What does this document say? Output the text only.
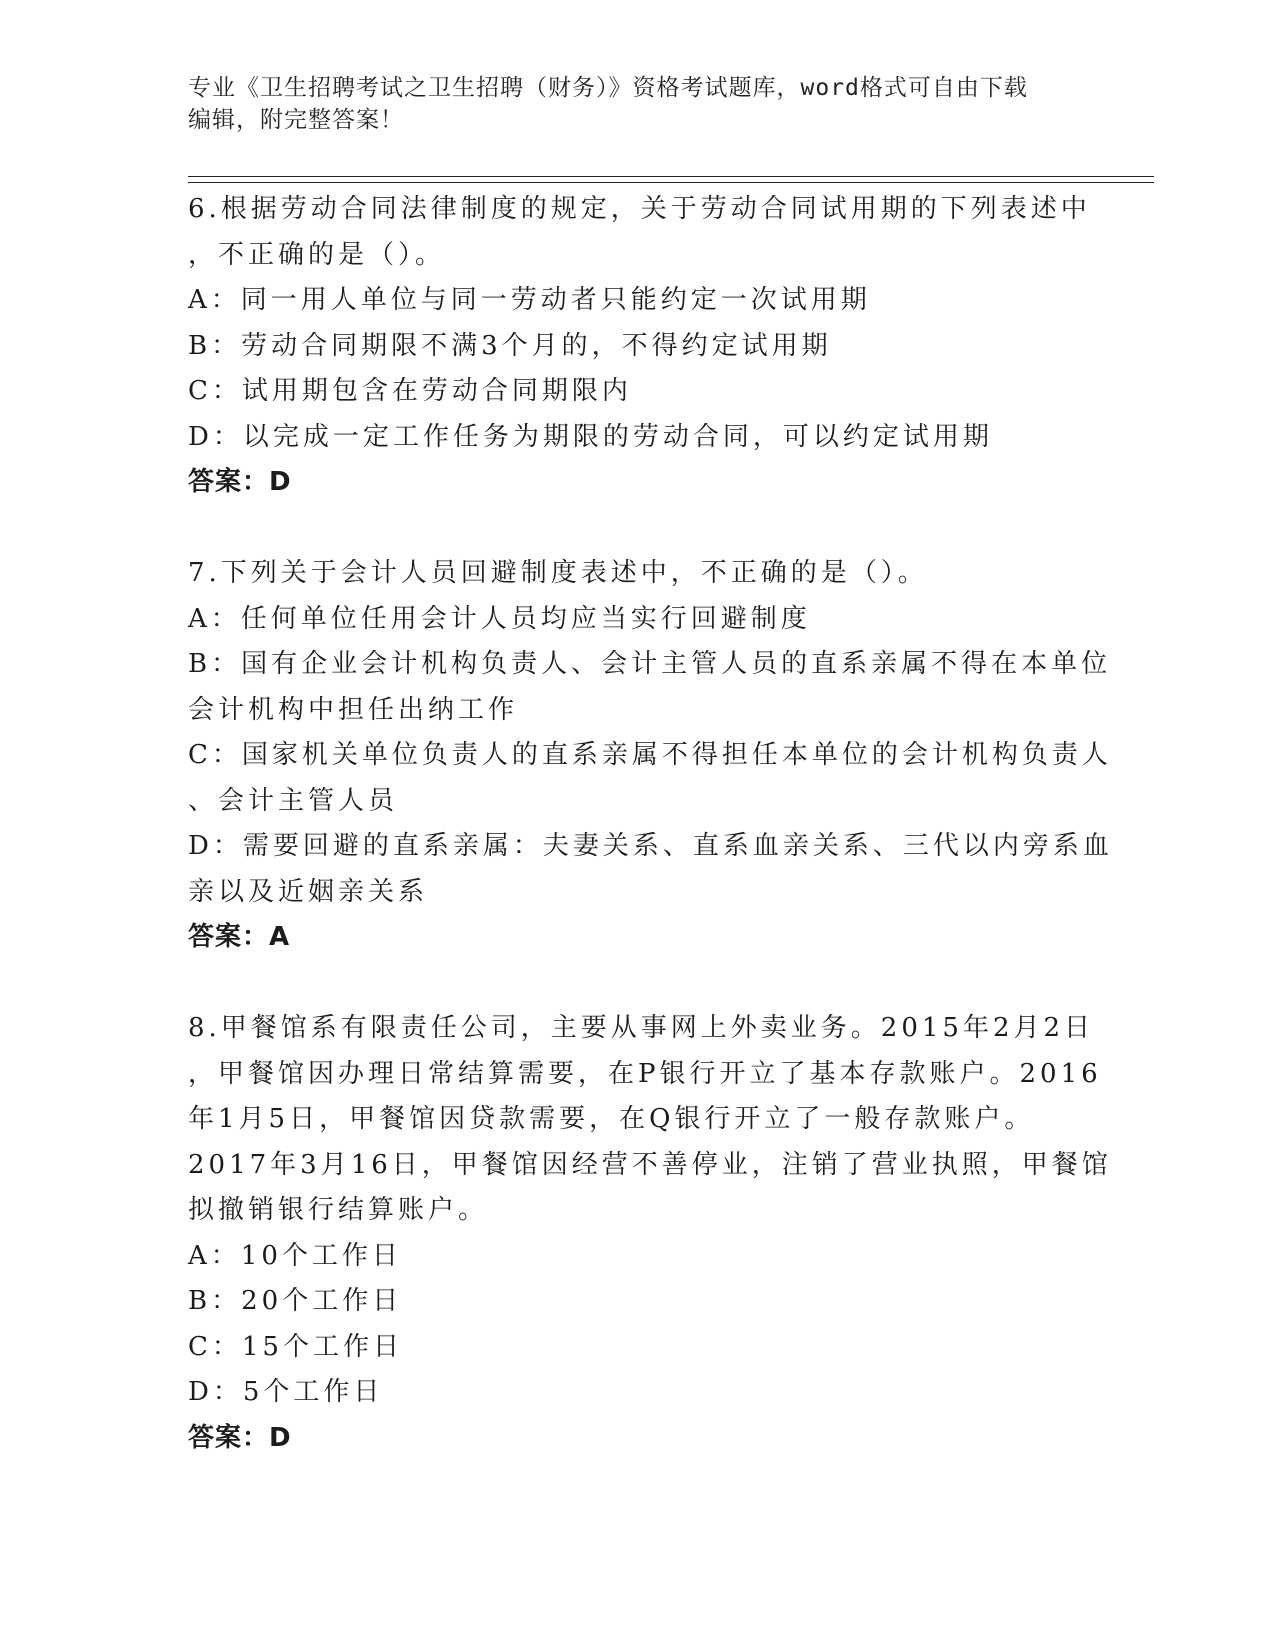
专业《卫生招聘考试之卫生招聘（财务）》资格考试题库，word格式可自由下载
编辑，附完整答案！
6.根据劳动合同法律制度的规定，关于劳动合同试用期的下列表述中
，不正确的是（）。
A：同一用人单位与同一劳动者只能约定一次试用期
B：劳动合同期限不满3个月的，不得约定试用期
C：试用期包含在劳动合同期限内
D：以完成一定工作任务为期限的劳动合同，可以约定试用期
答案：D
7.下列关于会计人员回避制度表述中，不正确的是（）。
A：任何单位任用会计人员均应当实行回避制度
B：国有企业会计机构负责人、会计主管人员的直系亲属不得在本单位
会计机构中担任出纳工作
C：国家机关单位负责人的直系亲属不得担任本单位的会计机构负责人
、会计主管人员
D：需要回避的直系亲属：夫妻关系、直系血亲关系、三代以内旁系血
亲以及近姻亲关系
答案：A
8.甲餐馆系有限责任公司，主要从事网上外卖业务。2015年2月2日
，甲餐馆因办理日常结算需要，在P银行开立了基本存款账户。2016
年1月5日，甲餐馆因贷款需要，在Q银行开立了一般存款账户。
2017年3月16日，甲餐馆因经营不善停业，注销了营业执照，甲餐馆
拟撤销银行结算账户。
A：10个工作日
B：20个工作日
C：15个工作日
D：5个工作日
答案：D
